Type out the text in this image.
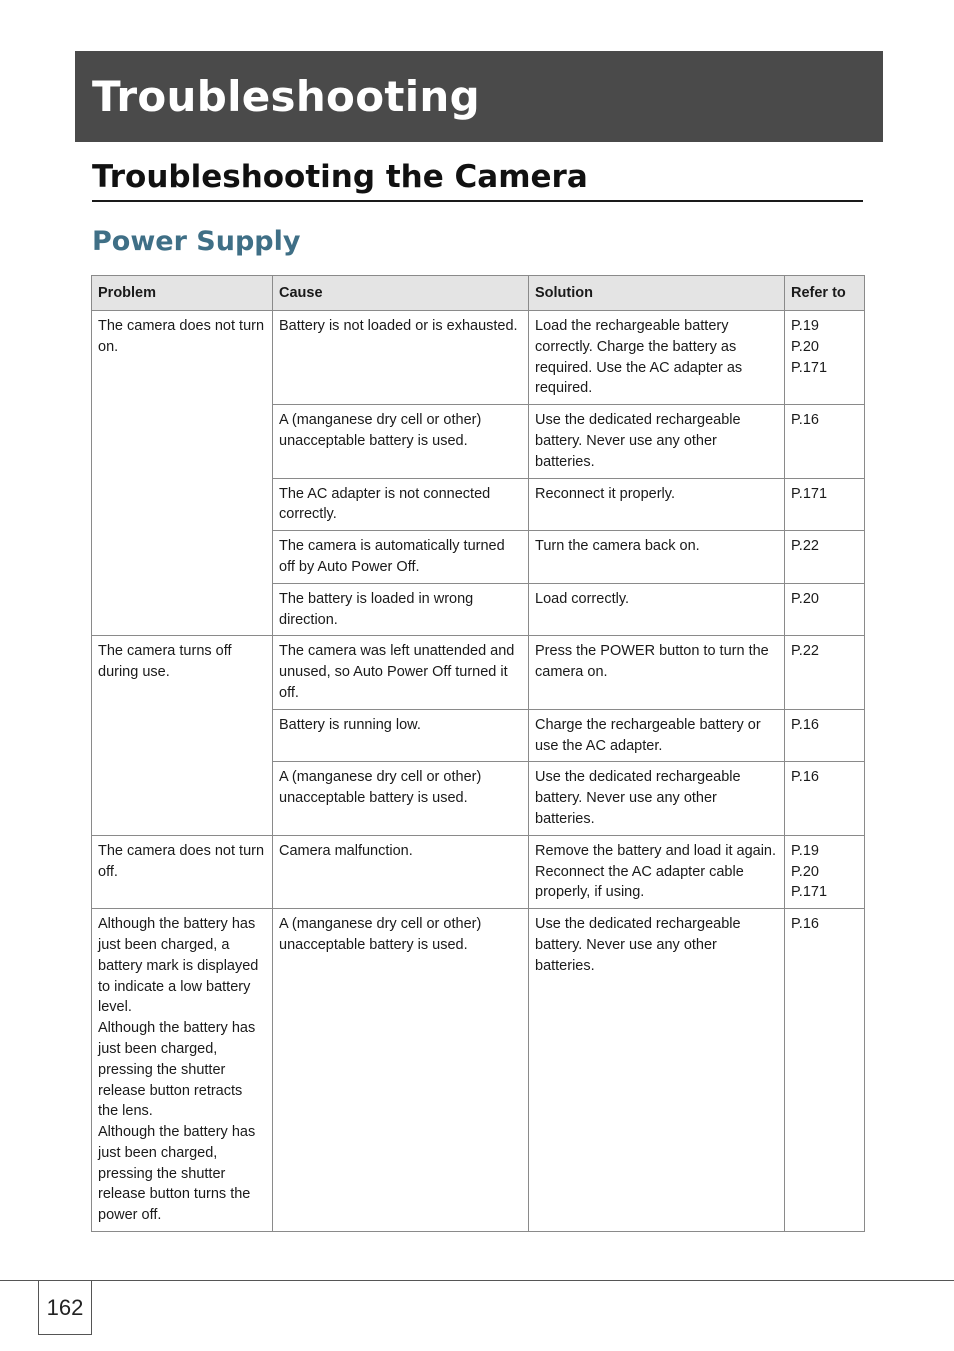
Troubleshooting
Troubleshooting the Camera
Power Supply
Problem	Cause	Solution	Refer to
The camera does not turn on.	Battery is not loaded or is exhausted.	Load the rechargeable battery correctly. Charge the battery as required. Use the AC adapter as required.	P.19
P.20
P.171
	A (manganese dry cell or other) unacceptable battery is used.	Use the dedicated rechargeable battery. Never use any other batteries.	P.16
	The AC adapter is not connected correctly.	Reconnect it properly.	P.171
	The camera is automatically turned off by Auto Power Off.	Turn the camera back on.	P.22
	The battery is loaded in wrong direction.	Load correctly.	P.20
The camera turns off during use.	The camera was left unattended and unused, so Auto Power Off turned it off.	Press the POWER button to turn the camera on.	P.22
	Battery is running low.	Charge the rechargeable battery or use the AC adapter.	P.16
	A (manganese dry cell or other) unacceptable battery is used.	Use the dedicated rechargeable battery. Never use any other batteries.	P.16
The camera does not turn off.	Camera malfunction.	Remove the battery and load it again. Reconnect the AC adapter cable properly, if using.	P.19
P.20
P.171
Although the battery has just been charged, a battery mark is displayed to indicate a low battery level.
Although the battery has just been charged, pressing the shutter release button retracts the lens.
Although the battery has just been charged, pressing the shutter release button turns the power off.	A (manganese dry cell or other) unacceptable battery is used.	Use the dedicated rechargeable battery. Never use any other batteries.	P.16
162
